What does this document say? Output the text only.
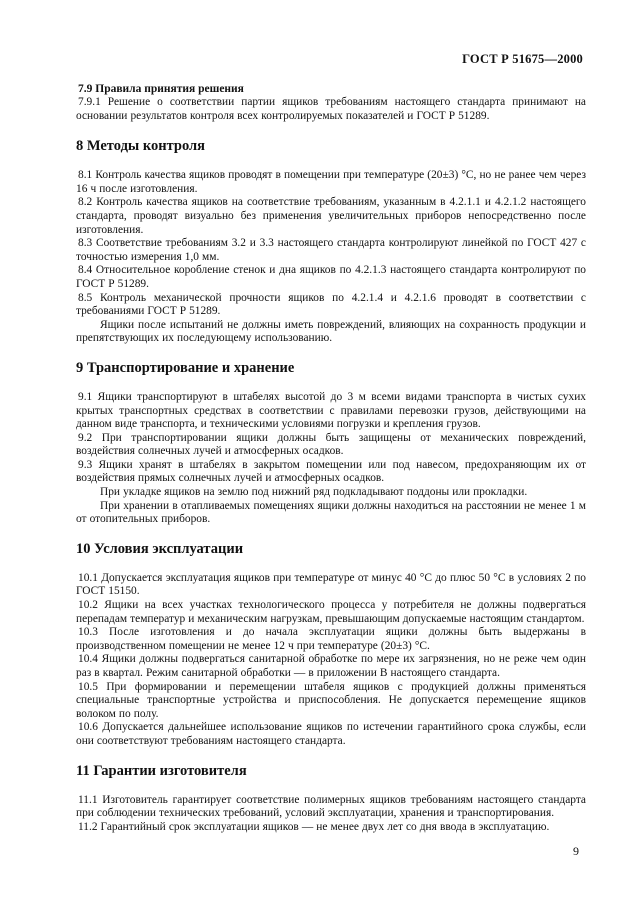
ГОСТ Р 51675—2000
7.9 Правила принятия решения

7.9.1 Решение о соответствии партии ящиков требованиям настоящего стандарта принимают на основании результатов контроля всех контролируемых показателей и ГОСТ Р 51289.

8 Методы контроля

8.1 Контроль качества ящиков проводят в помещении при температуре (20±3) °С, но не ранее чем через 16 ч после изготовления.

8.2 Контроль качества ящиков на соответствие требованиям, указанным в 4.2.1.1 и 4.2.1.2 настоящего стандарта, проводят визуально без применения увеличительных приборов непосредственно после изготовления.

8.3 Соответствие требованиям 3.2 и 3.3 настоящего стандарта контролируют линейкой по ГОСТ 427 с точностью измерения 1,0 мм.

8.4 Относительное коробление стенок и дна ящиков по 4.2.1.3 настоящего стандарта контролируют по ГОСТ Р 51289.

8.5 Контроль механической прочности ящиков по 4.2.1.4 и 4.2.1.6 проводят в соответствии с требованиями ГОСТ Р 51289.

Ящики после испытаний не должны иметь повреждений, влияющих на сохранность продукции и препятствующих их последующему использованию.

9 Транспортирование и хранение

9.1 Ящики транспортируют в штабелях высотой до 3 м всеми видами транспорта в чистых сухих крытых транспортных средствах в соответствии с правилами перевозки грузов, действующими на данном виде транспорта, и техническими условиями погрузки и крепления грузов.

9.2 При транспортировании ящики должны быть защищены от механических повреждений, воздействия солнечных лучей и атмосферных осадков.

9.3 Ящики хранят в штабелях в закрытом помещении или под навесом, предохраняющим их от воздействия прямых солнечных лучей и атмосферных осадков.

При укладке ящиков на землю под нижний ряд подкладывают поддоны или прокладки.

При хранении в отапливаемых помещениях ящики должны находиться на расстоянии не менее 1 м от отопительных приборов.

10 Условия эксплуатации

10.1 Допускается эксплуатация ящиков при температуре от минус 40 °С до плюс 50 °С в условиях 2 по ГОСТ 15150.

10.2 Ящики на всех участках технологического процесса у потребителя не должны подвергаться перепадам температур и механическим нагрузкам, превышающим допускаемые настоящим стандартом.

10.3 После изготовления и до начала эксплуатации ящики должны быть выдержаны в производственном помещении не менее 12 ч при температуре (20±3) °С.

10.4 Ящики должны подвергаться санитарной обработке по мере их загрязнения, но не реже чем один раз в квартал. Режим санитарной обработки — в приложении В настоящего стандарта.

10.5 При формировании и перемещении штабеля ящиков с продукцией должны применяться специальные транспортные устройства и приспособления. Не допускается перемещение ящиков волоком по полу.

10.6 Допускается дальнейшее использование ящиков по истечении гарантийного срока службы, если они соответствуют требованиям настоящего стандарта.

11 Гарантии изготовителя

11.1 Изготовитель гарантирует соответствие полимерных ящиков требованиям настоящего стандарта при соблюдении технических требований, условий эксплуатации, хранения и транспортирования.

11.2 Гарантийный срок эксплуатации ящиков — не менее двух лет со дня ввода в эксплуатацию.

9
